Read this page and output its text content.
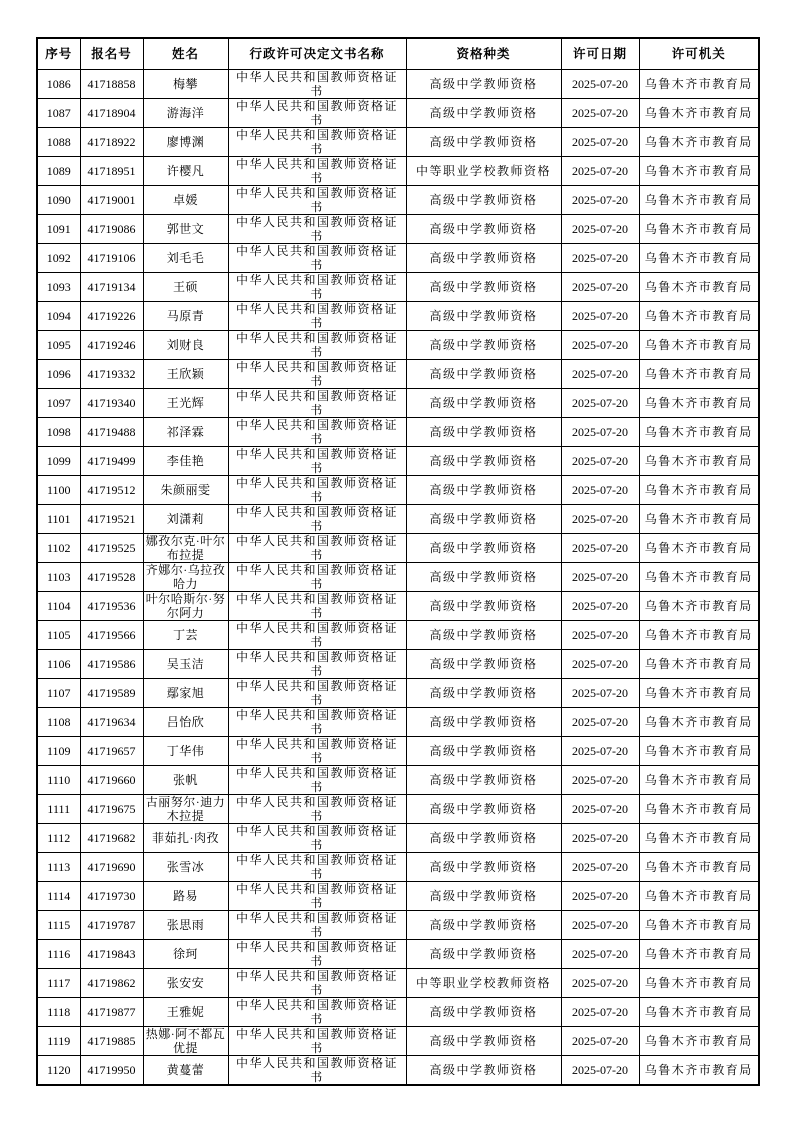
序号	报名号	姓名	行政许可决定文书名称	资格种类	许可日期	许可机关
1086	41718858	梅攀	中华人民共和国教师资格证书	高级中学教师资格	2025-07-20	乌鲁木齐市教育局
1087	41718904	游海洋	中华人民共和国教师资格证书	高级中学教师资格	2025-07-20	乌鲁木齐市教育局
1088	41718922	廖博渊	中华人民共和国教师资格证书	高级中学教师资格	2025-07-20	乌鲁木齐市教育局
1089	41718951	许樱凡	中华人民共和国教师资格证书	中等职业学校教师资格	2025-07-20	乌鲁木齐市教育局
1090	41719001	卓媛	中华人民共和国教师资格证书	高级中学教师资格	2025-07-20	乌鲁木齐市教育局
1091	41719086	郭世文	中华人民共和国教师资格证书	高级中学教师资格	2025-07-20	乌鲁木齐市教育局
1092	41719106	刘毛毛	中华人民共和国教师资格证书	高级中学教师资格	2025-07-20	乌鲁木齐市教育局
1093	41719134	王硕	中华人民共和国教师资格证书	高级中学教师资格	2025-07-20	乌鲁木齐市教育局
1094	41719226	马原青	中华人民共和国教师资格证书	高级中学教师资格	2025-07-20	乌鲁木齐市教育局
1095	41719246	刘财良	中华人民共和国教师资格证书	高级中学教师资格	2025-07-20	乌鲁木齐市教育局
1096	41719332	王欣颖	中华人民共和国教师资格证书	高级中学教师资格	2025-07-20	乌鲁木齐市教育局
1097	41719340	王光辉	中华人民共和国教师资格证书	高级中学教师资格	2025-07-20	乌鲁木齐市教育局
1098	41719488	祁泽霖	中华人民共和国教师资格证书	高级中学教师资格	2025-07-20	乌鲁木齐市教育局
1099	41719499	李佳艳	中华人民共和国教师资格证书	高级中学教师资格	2025-07-20	乌鲁木齐市教育局
1100	41719512	朱颜丽雯	中华人民共和国教师资格证书	高级中学教师资格	2025-07-20	乌鲁木齐市教育局
1101	41719521	刘潇莉	中华人民共和国教师资格证书	高级中学教师资格	2025-07-20	乌鲁木齐市教育局
1102	41719525	娜孜尔克·叶尔布拉提	中华人民共和国教师资格证书	高级中学教师资格	2025-07-20	乌鲁木齐市教育局
1103	41719528	齐娜尔·乌拉孜哈力	中华人民共和国教师资格证书	高级中学教师资格	2025-07-20	乌鲁木齐市教育局
1104	41719536	叶尔哈斯尔·努尔阿力	中华人民共和国教师资格证书	高级中学教师资格	2025-07-20	乌鲁木齐市教育局
1105	41719566	丁芸	中华人民共和国教师资格证书	高级中学教师资格	2025-07-20	乌鲁木齐市教育局
1106	41719586	吴玉洁	中华人民共和国教师资格证书	高级中学教师资格	2025-07-20	乌鲁木齐市教育局
1107	41719589	鄢家旭	中华人民共和国教师资格证书	高级中学教师资格	2025-07-20	乌鲁木齐市教育局
1108	41719634	吕怡欣	中华人民共和国教师资格证书	高级中学教师资格	2025-07-20	乌鲁木齐市教育局
1109	41719657	丁华伟	中华人民共和国教师资格证书	高级中学教师资格	2025-07-20	乌鲁木齐市教育局
1110	41719660	张帆	中华人民共和国教师资格证书	高级中学教师资格	2025-07-20	乌鲁木齐市教育局
1111	41719675	古丽努尔·迪力木拉提	中华人民共和国教师资格证书	高级中学教师资格	2025-07-20	乌鲁木齐市教育局
1112	41719682	菲茹扎·肉孜	中华人民共和国教师资格证书	高级中学教师资格	2025-07-20	乌鲁木齐市教育局
1113	41719690	张雪冰	中华人民共和国教师资格证书	高级中学教师资格	2025-07-20	乌鲁木齐市教育局
1114	41719730	路易	中华人民共和国教师资格证书	高级中学教师资格	2025-07-20	乌鲁木齐市教育局
1115	41719787	张思雨	中华人民共和国教师资格证书	高级中学教师资格	2025-07-20	乌鲁木齐市教育局
1116	41719843	徐珂	中华人民共和国教师资格证书	高级中学教师资格	2025-07-20	乌鲁木齐市教育局
1117	41719862	张安安	中华人民共和国教师资格证书	中等职业学校教师资格	2025-07-20	乌鲁木齐市教育局
1118	41719877	王雅妮	中华人民共和国教师资格证书	高级中学教师资格	2025-07-20	乌鲁木齐市教育局
1119	41719885	热娜·阿不都瓦优提	中华人民共和国教师资格证书	高级中学教师资格	2025-07-20	乌鲁木齐市教育局
1120	41719950	黄蔓蕾	中华人民共和国教师资格证书	高级中学教师资格	2025-07-20	乌鲁木齐市教育局
